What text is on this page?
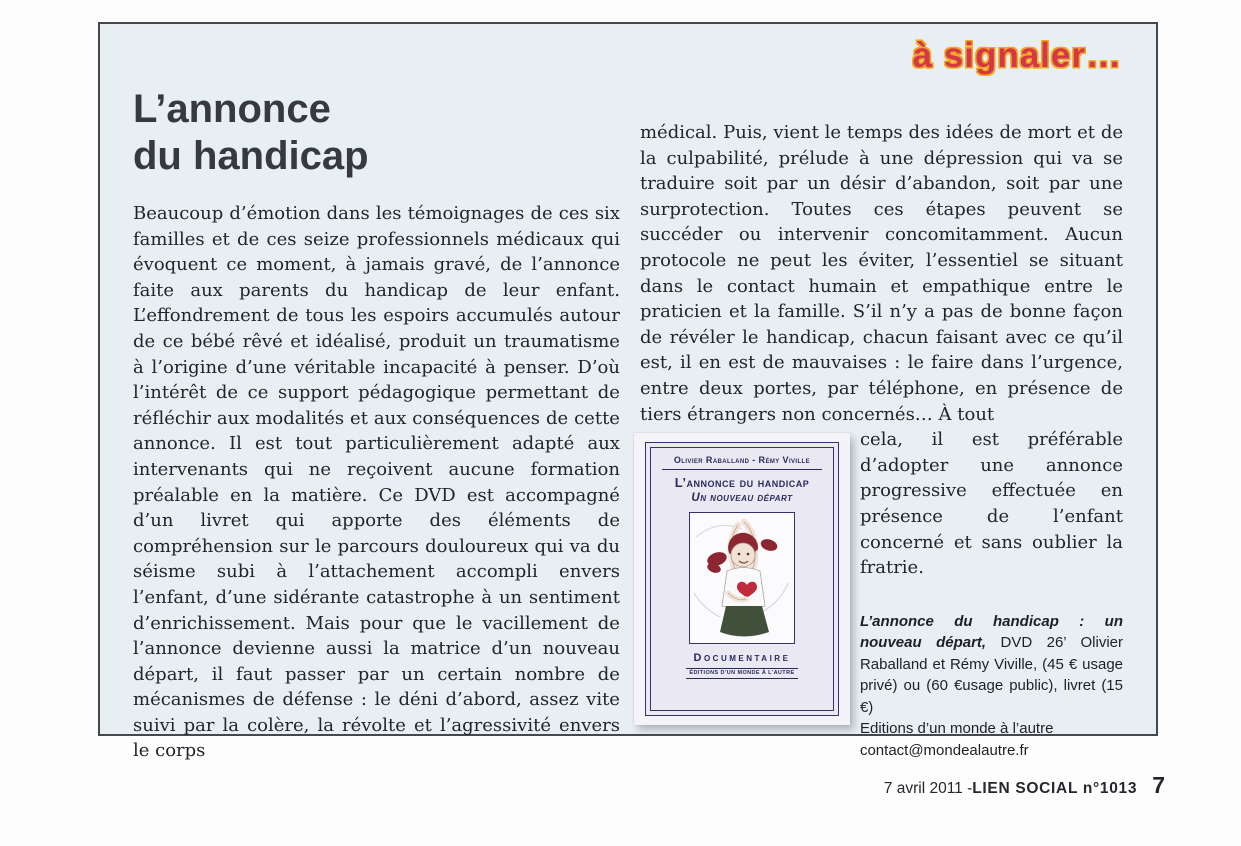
à signaler…
L’annonce
du handicap

Beaucoup d’émotion dans les témoignages de ces six familles et de ces seize professionnels médicaux qui évoquent ce moment, à jamais gravé, de l’annonce faite aux parents du handicap de leur enfant. L’effondrement de tous les espoirs accumulés autour de ce bébé rêvé et idéalisé, produit un traumatisme à l’origine d’une véritable incapacité à penser. D’où l’intérêt de ce support pédagogique permettant de réfléchir aux modalités et aux conséquences de cette annonce. Il est tout particulièrement adapté aux intervenants qui ne reçoivent aucune formation préalable en la matière. Ce DVD est accompagné d’un livret qui apporte des éléments de compréhension sur le parcours douloureux qui va du séisme subi à l’attachement accompli envers l’enfant, d’une sidérante catastrophe à un sentiment d’enrichissement. Mais pour que le vacillement de l’annonce devienne aussi la matrice d’un nouveau départ, il faut passer par un certain nombre de mécanismes de défense : le déni d’abord, assez vite suivi par la colère, la révolte et l’agressivité envers le corps

médical. Puis, vient le temps des idées de mort et de la culpabilité, prélude à une dépression qui va se traduire soit par un désir d’abandon, soit par une surprotection. Toutes ces étapes peuvent se succéder ou intervenir concomitamment. Aucun protocole ne peut les éviter, l’essentiel se situant dans le contact humain et empathique entre le praticien et la famille. S’il n’y a pas de bonne façon de révéler le handicap, chacun faisant avec ce qu’il est, il en est de mauvaises : le faire dans l’urgence, entre deux portes, par téléphone, en présence de tiers étrangers non concernés… À tout

Olivier Raballand - Rémy Viville
L’annonce du handicap
Un nouveau départ
Documentaire
ÉDITIONS D’UN MONDE À L’AUTRE

cela, il est préférable d’adopter une annonce progressive effectuée en présence de l’enfant concerné et sans oublier la fratrie.

L’annonce du handicap : un nouveau départ, DVD 26’ Olivier Raballand et Rémy Viville, (45 € usage privé) ou (60 €usage public), livret (15 €)

Editions d’un monde à l’autre

contact@mondealautre.fr

7 avril 2011 - LIEN SOCIAL n°1013 7
